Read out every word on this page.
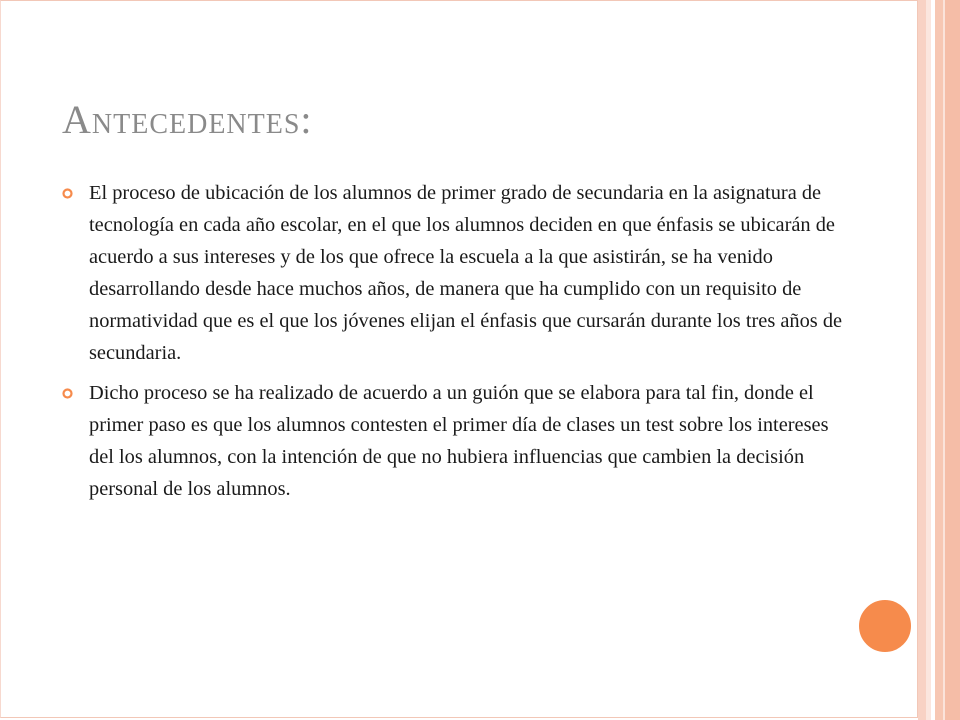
Antecedentes:
El proceso de ubicación de los alumnos de primer grado de secundaria en la asignatura de tecnología en cada año escolar, en el que los alumnos deciden en que énfasis se ubicarán de acuerdo a sus intereses y de los que ofrece la escuela a la que asistirán, se ha venido desarrollando desde hace muchos años, de manera que ha cumplido con un requisito de normatividad que es el que los jóvenes elijan el énfasis que cursarán durante los tres años de secundaria.
Dicho proceso se ha realizado de acuerdo a un guión que se elabora para tal fin, donde el primer paso es que los alumnos contesten el primer día de clases un test sobre los intereses del los alumnos, con la intención de que no hubiera influencias que cambien la decisión personal de los alumnos.
